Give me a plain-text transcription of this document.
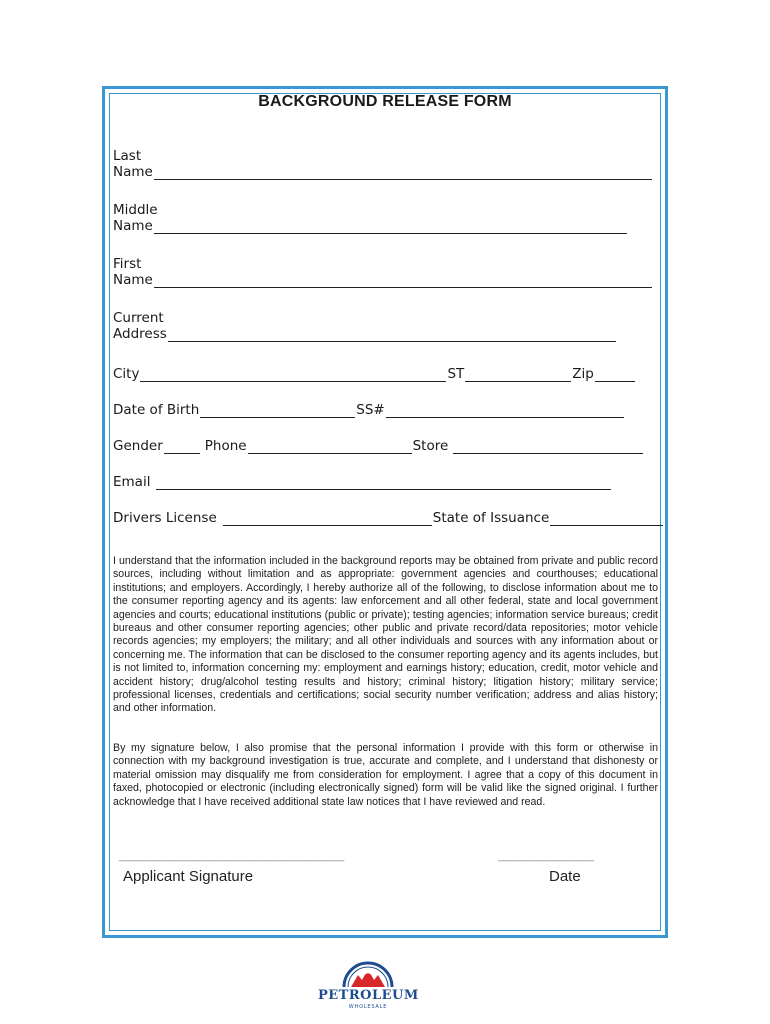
BACKGROUND RELEASE FORM
Last
Name
Middle
Name
First
Name
Current
Address
City	ST	Zip
Date of Birth	SS#
Gender	Phone	Store
Email
Drivers License	State of Issuance
I understand that the information included in the background reports may be obtained from private and public record sources, including without limitation and as appropriate: government agencies and courthouses; educational institutions; and employers. Accordingly, I hereby authorize all of the following, to disclose information about me to the consumer reporting agency and its agents: law enforcement and all other federal, state and local government agencies and courts; educational institutions (public or private); testing agencies; information service bureaus; credit bureaus and other consumer reporting agencies; other public and private record/data repositories; motor vehicle records agencies; my employers; the military; and all other individuals and sources with any information about or concerning me. The information that can be disclosed to the consumer reporting agency and its agents includes, but is not limited to, information concerning my: employment and earnings history; education, credit, motor vehicle and accident history; drug/alcohol testing results and history; criminal history; litigation history; military service; professional licenses, credentials and certifications; social security number verification; address and alias history; and other information.
By my signature below, I also promise that the personal information I provide with this form or otherwise in connection with my background investigation is true, accurate and complete, and I understand that dishonesty or material omission may disqualify me from consideration for employment. I agree that a copy of this document in faxed, photocopied or electronic (including electronically signed) form will be valid like the signed original. I further acknowledge that I have received additional state law notices that I have reviewed and read.
________________________________________	_________________
Applicant Signature	Date
PETROLEUM
WHOLESALE
